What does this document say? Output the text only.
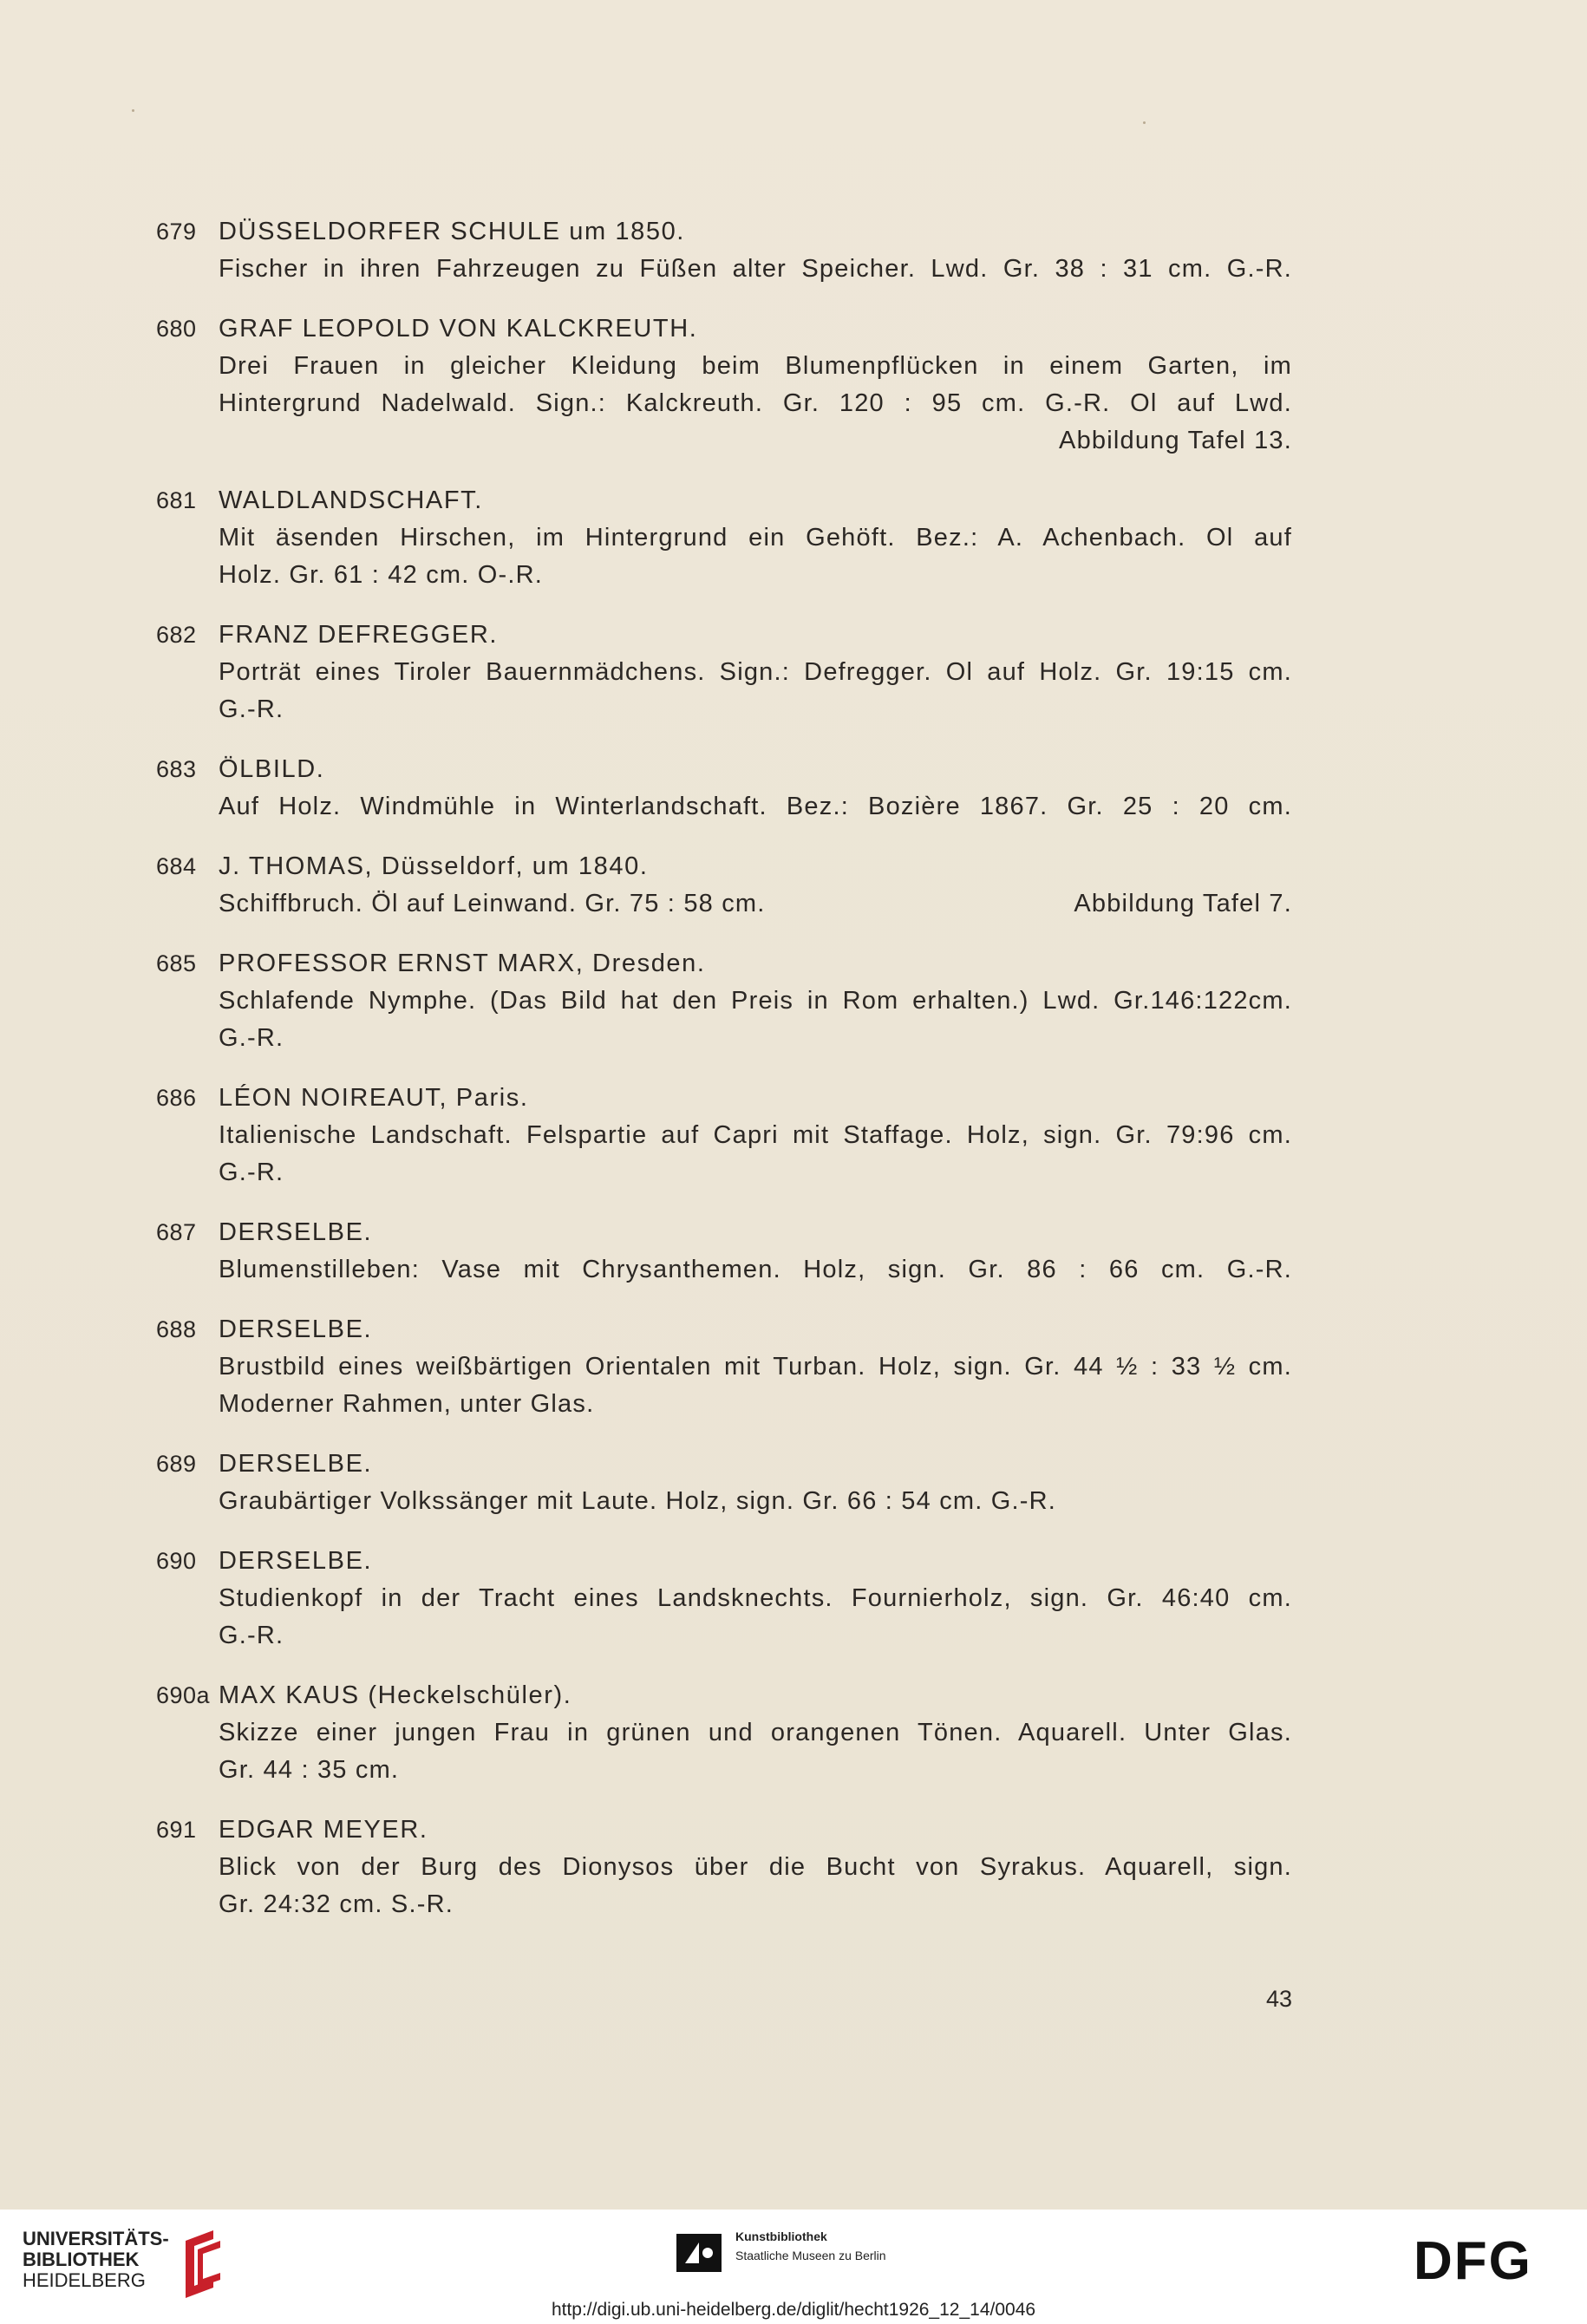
679 DÜSSELDORFER SCHULE um 1850.
Fischer in ihren Fahrzeugen zu Füßen alter Speicher. Lwd. Gr. 38 : 31 cm. G.-R.
680 GRAF LEOPOLD VON KALCKREUTH.
Drei Frauen in gleicher Kleidung beim Blumenpflücken in einem Garten, im
Hintergrund Nadelwald. Sign.: Kalckreuth. Gr. 120 : 95 cm. G.-R. Ol auf Lwd.
Abbildung Tafel 13.
681 WALDLANDSCHAFT.
Mit äsenden Hirschen, im Hintergrund ein Gehöft. Bez.: A. Achenbach. Ol auf
Holz. Gr. 61 : 42 cm. O-.R.
682 FRANZ DEFREGGER.
Porträt eines Tiroler Bauernmädchens. Sign.: Defregger. Ol auf Holz. Gr. 19:15 cm.
G.-R.
683 ÖLBILD.
Auf Holz. Windmühle in Winterlandschaft. Bez.: Bozière 1867. Gr. 25 : 20 cm.
684 J. THOMAS, Düsseldorf, um 1840.
Schiffbruch. Öl auf Leinwand. Gr. 75 : 58 cm.	Abbildung Tafel 7.
685 PROFESSOR ERNST MARX, Dresden.
Schlafende Nymphe. (Das Bild hat den Preis in Rom erhalten.) Lwd. Gr.146:122cm.
G.-R.
686 LÉON NOIREAUT, Paris.
Italienische Landschaft. Felspartie auf Capri mit Staffage. Holz, sign. Gr. 79:96 cm.
G.-R.
687 DERSELBE.
Blumenstilleben: Vase mit Chrysanthemen. Holz, sign. Gr. 86 : 66 cm. G.-R.
688 DERSELBE.
Brustbild eines weißbärtigen Orientalen mit Turban. Holz, sign. Gr. 44 ½ : 33 ½ cm.
Moderner Rahmen, unter Glas.
689 DERSELBE.
Graubärtiger Volkssänger mit Laute. Holz, sign. Gr. 66 : 54 cm. G.-R.
690 DERSELBE.
Studienkopf in der Tracht eines Landsknechts. Fournierholz, sign. Gr. 46:40 cm.
G.-R.
690a MAX KAUS (Heckelschüler).
Skizze einer jungen Frau in grünen und orangenen Tönen. Aquarell. Unter Glas.
Gr. 44 : 35 cm.
691 EDGAR MEYER.
Blick von der Burg des Dionysos über die Bucht von Syrakus. Aquarell, sign.
Gr. 24:32 cm. S.-R.
43
UNIVERSITÄTS-
BIBLIOTHEK
HEIDELBERG
Kunstbibliothek
Staatliche Museen zu Berlin	DFG
http://digi.ub.uni-heidelberg.de/diglit/hecht1926_12_14/0046
